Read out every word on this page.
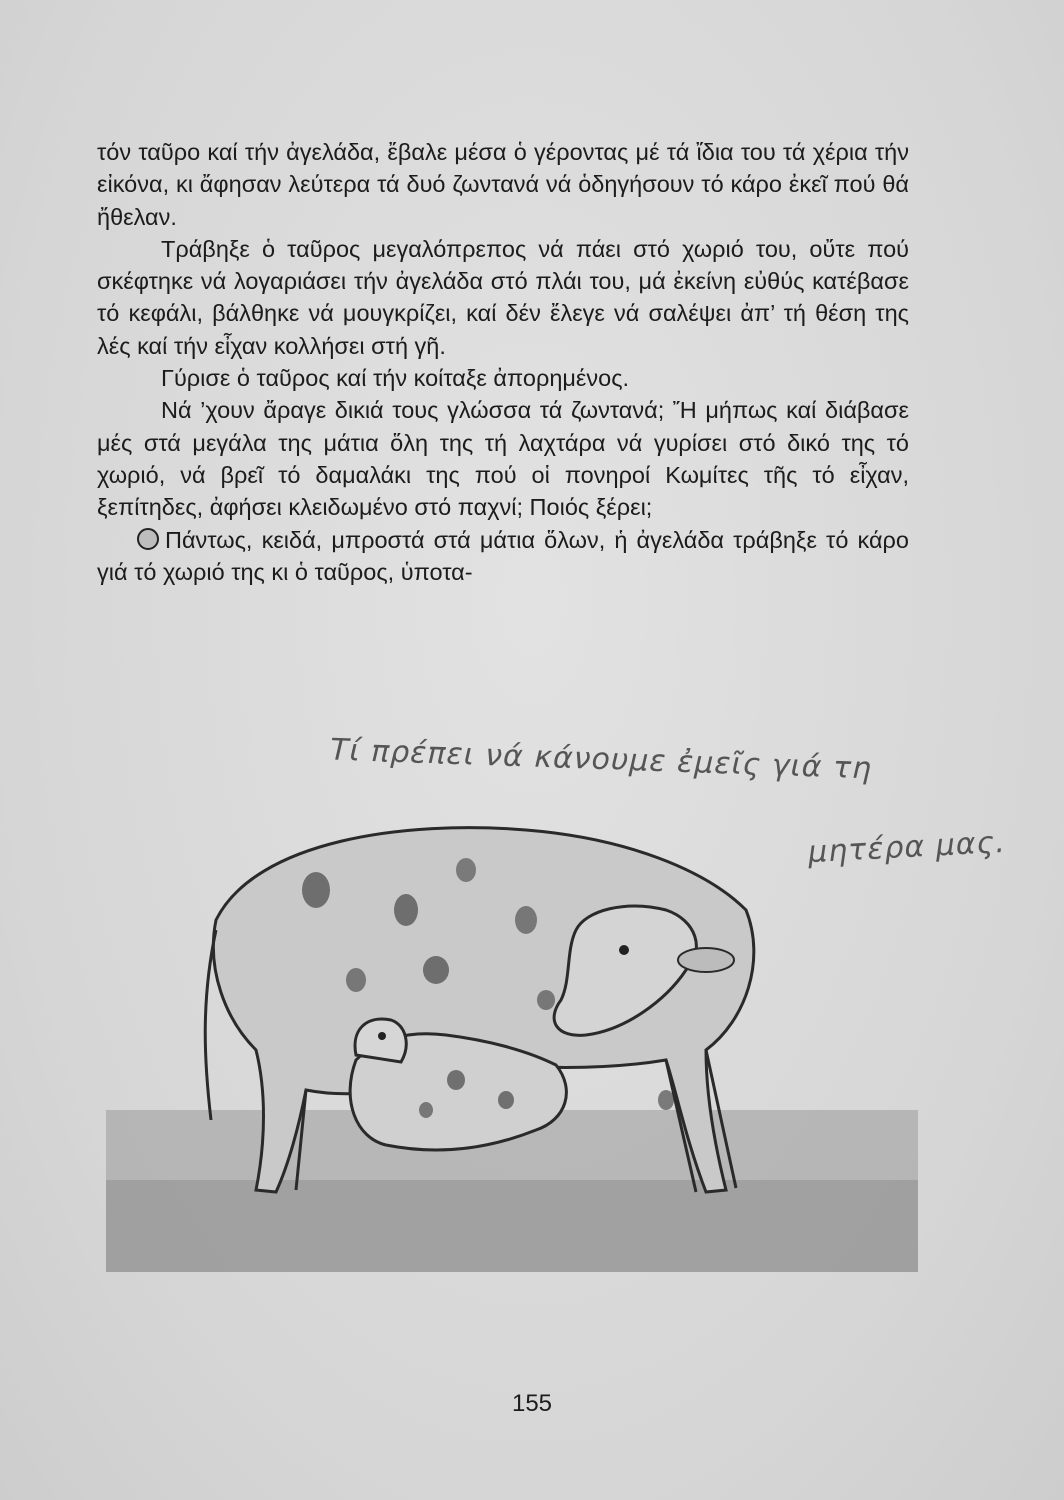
τόν ταῦρο καί τήν ἀγελάδα, ἔβαλε μέσα ὁ γέροντας μέ τά ἴδια του τά χέρια τήν εἰκόνα, κι ἄφησαν λεύτερα τά δυό ζωντανά νά ὁδηγήσουν τό κάρο ἐκεῖ πού θά ἤθελαν.

Τράβηξε ὁ ταῦρος μεγαλόπρεπος νά πάει στό χωριό του, οὔτε πού σκέφτηκε νά λογαριάσει τήν ἀγελάδα στό πλάι του, μά ἐκείνη εὐθύς κατέβασε τό κεφάλι, βάλθηκε νά μουγκρίζει, καί δέν ἔλεγε νά σαλέψει ἀπ’ τή θέση της λές καί τήν εἶχαν κολλήσει στή γῆ.

Γύρισε ὁ ταῦρος καί τήν κοίταξε ἀπορημένος.

Νά ’χουν ἄραγε δικιά τους γλώσσα τά ζωντανά; Ἤ μήπως καί διάβασε μές στά μεγάλα της μάτια ὅλη της τή λαχτάρα νά γυρίσει στό δικό της τό χωριό, νά βρεῖ τό δαμαλάκι της πού οἱ πονηροί Κωμίτες τῆς τό εἶχαν, ξεπίτηδες, ἀφήσει κλειδωμένο στό παχνί; Ποιός ξέρει;

Πάντως, κειδά, μπροστά στά μάτια ὅλων, ἡ ἀγελάδα τράβηξε τό κάρο γιά τό χωριό της κι ὁ ταῦρος, ὑποτα-

Τί πρέπει νά κάνουμε ἐμεῖς γιά τη
μητέρα μας.
155
